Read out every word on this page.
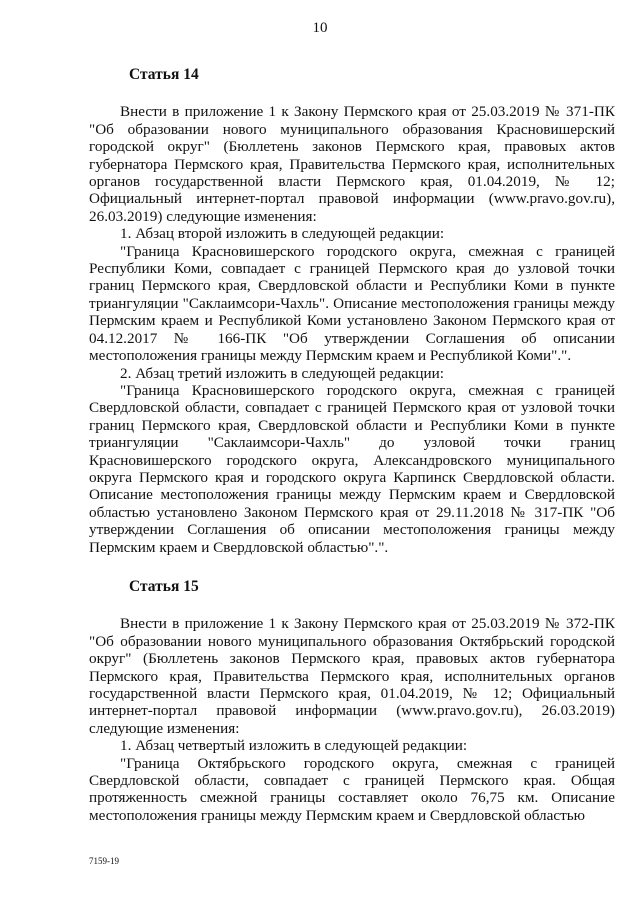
10

Статья 14

Внести в приложение 1 к Закону Пермского края от 25.03.2019 № 371-ПК "Об образовании нового муниципального образования Красновишерский городской округ" (Бюллетень законов Пермского края, правовых актов губернатора Пермского края, Правительства Пермского края, исполнительных органов государственной власти Пермского края, 01.04.2019, № 12; Официальный интернет-портал правовой информации (www.pravo.gov.ru), 26.03.2019) следующие изменения:

1. Абзац второй изложить в следующей редакции:

"Граница Красновишерского городского округа, смежная с границей Республики Коми, совпадает с границей Пермского края до узловой точки границ Пермского края, Свердловской области и Республики Коми в пункте триангуляции "Саклаимсори-Чахль". Описание местоположения границы между Пермским краем и Республикой Коми установлено Законом Пермского края от 04.12.2017 № 166-ПК "Об утверждении Соглашения об описании местоположения границы между Пермским краем и Республикой Коми".".

2. Абзац третий изложить в следующей редакции:

"Граница Красновишерского городского округа, смежная с границей Свердловской области, совпадает с границей Пермского края от узловой точки границ Пермского края, Свердловской области и Республики Коми в пункте триангуляции "Саклаимсори-Чахль" до узловой точки границ Красновишерского городского округа, Александровского муниципального округа Пермского края и городского округа Карпинск Свердловской области. Описание местоположения границы между Пермским краем и Свердловской областью установлено Законом Пермского края от 29.11.2018 № 317-ПК "Об утверждении Соглашения об описании местоположения границы между Пермским краем и Свердловской областью".".

Статья 15

Внести в приложение 1 к Закону Пермского края от 25.03.2019 № 372-ПК "Об образовании нового муниципального образования Октябрьский городской округ" (Бюллетень законов Пермского края, правовых актов губернатора Пермского края, Правительства Пермского края, исполнительных органов государственной власти Пермского края, 01.04.2019, № 12; Официальный интернет-портал правовой информации (www.pravo.gov.ru), 26.03.2019) следующие изменения:

1. Абзац четвертый изложить в следующей редакции:

"Граница Октябрьского городского округа, смежная с границей Свердловской области, совпадает с границей Пермского края. Общая протяженность смежной границы составляет около 76,75 км. Описание местоположения границы между Пермским краем и Свердловской областью

7159-19
